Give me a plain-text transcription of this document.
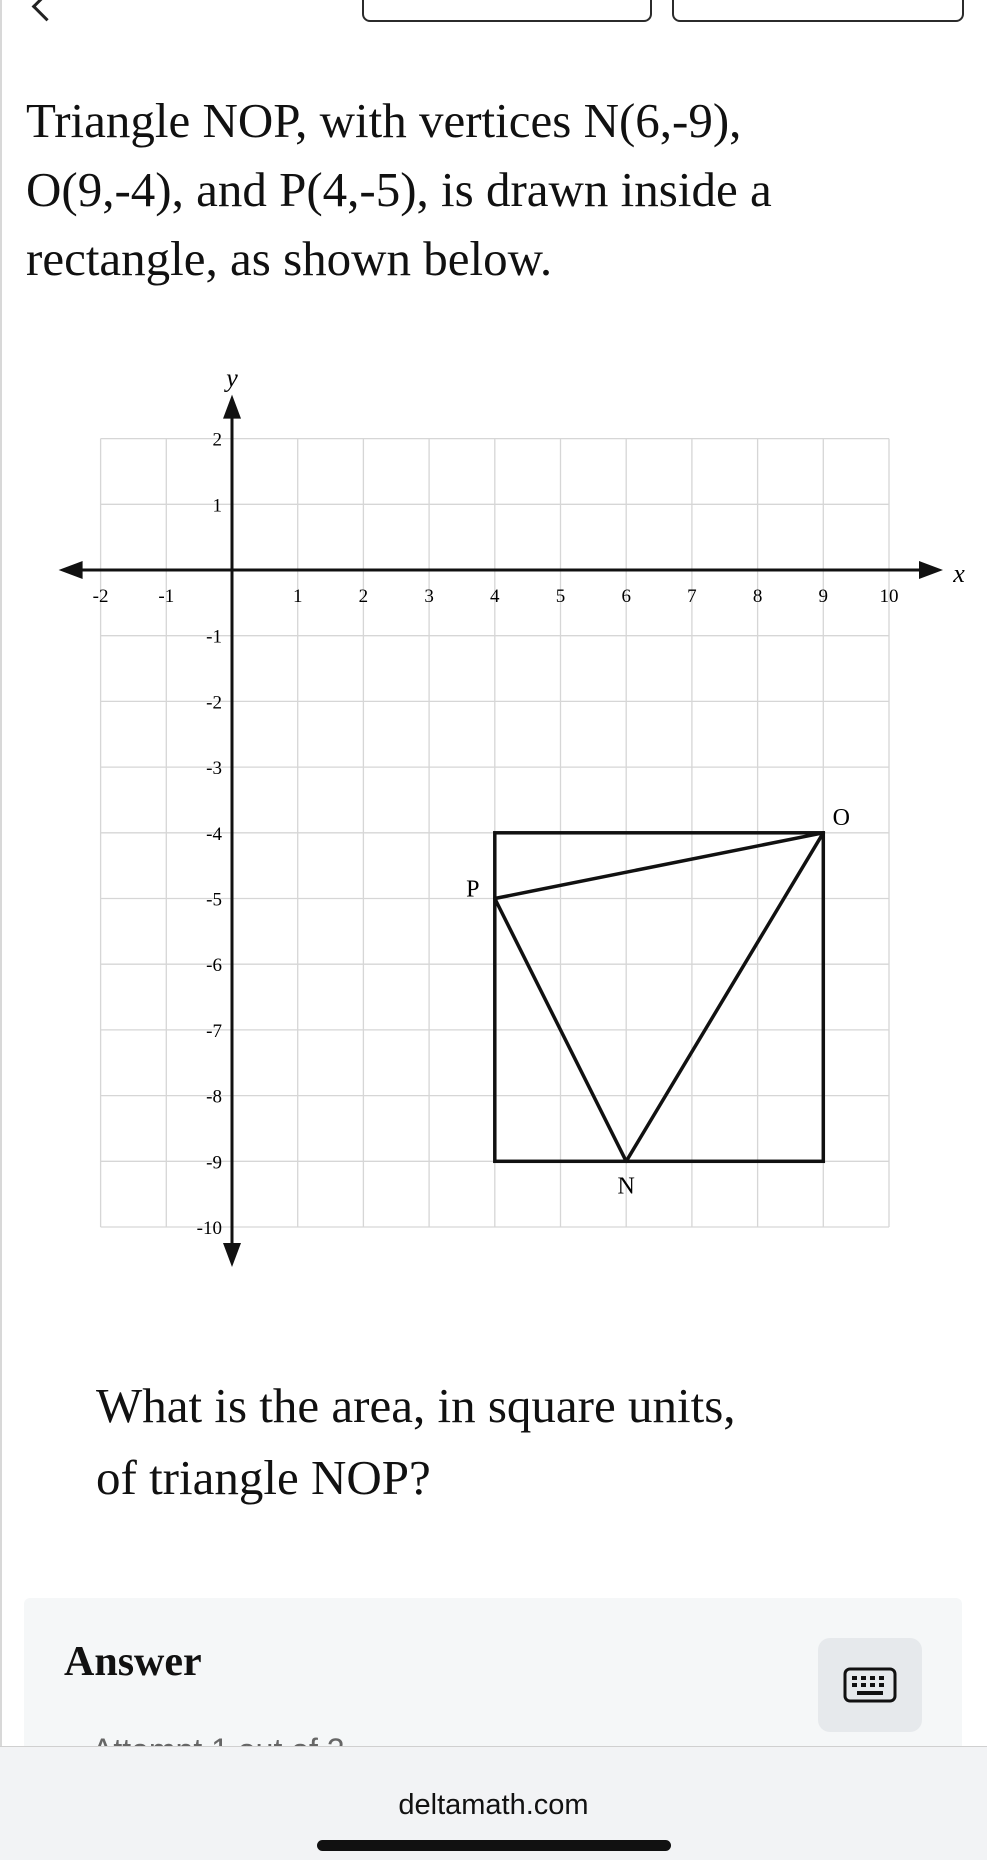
Triangle NOP, with vertices N(6,-9),
O(9,-4), and P(4,-5), is drawn inside a
rectangle, as shown below.
x
y
-2	-1	1	2	3	4	5	6	7	8	9	10
2
1
-1
-2
-3
-4
-5
-6
-7
-8
-9
-10
N
O
P
What is the area, in square units,
of triangle NOP?
Answer
deltamath.com
